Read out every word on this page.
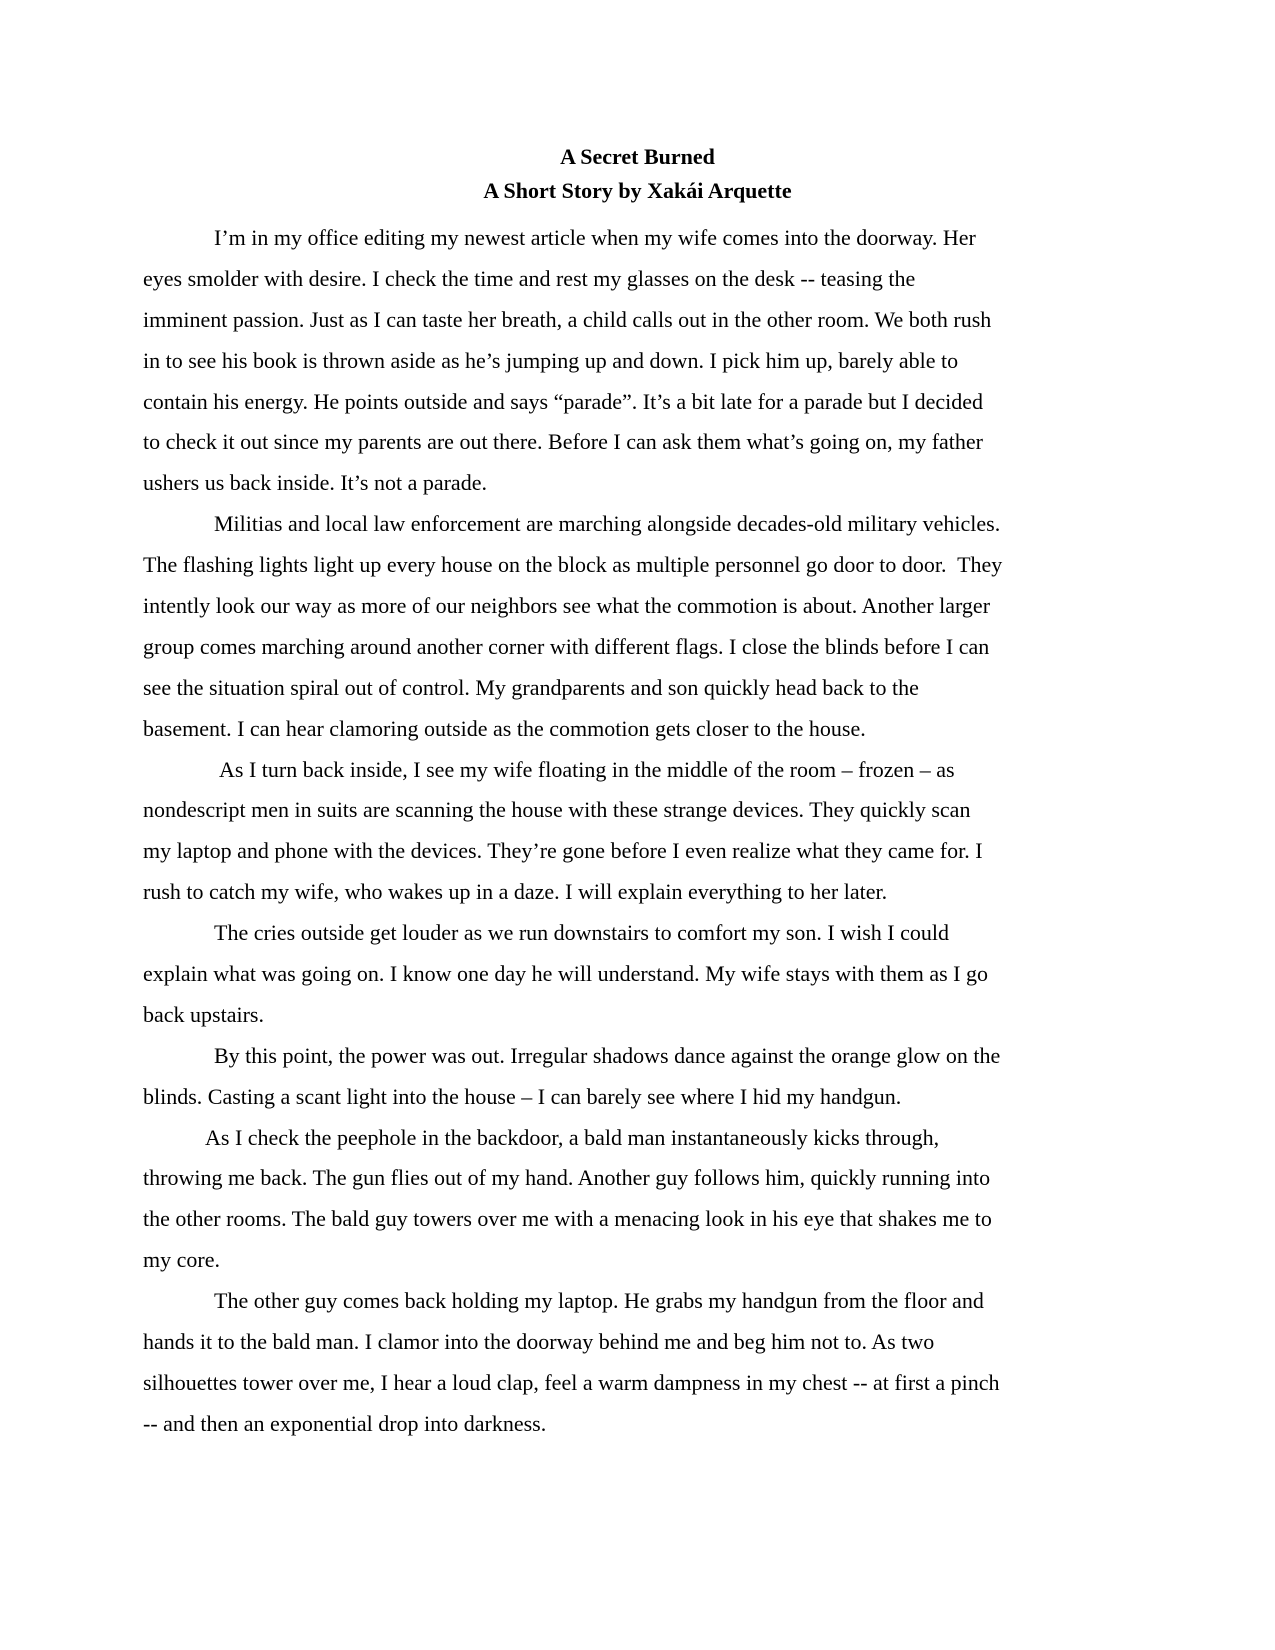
A Secret Burned
A Short Story by Xakái Arquette
I’m in my office editing my newest article when my wife comes into the doorway. Her
eyes smolder with desire. I check the time and rest my glasses on the desk -- teasing the
imminent passion. Just as I can taste her breath, a child calls out in the other room. We both rush
in to see his book is thrown aside as he’s jumping up and down. I pick him up, barely able to
contain his energy. He points outside and says “parade”. It’s a bit late for a parade but I decided
to check it out since my parents are out there. Before I can ask them what’s going on, my father
ushers us back inside. It’s not a parade.
Militias and local law enforcement are marching alongside decades-old military vehicles.
The flashing lights light up every house on the block as multiple personnel go door to door.  They
intently look our way as more of our neighbors see what the commotion is about. Another larger
group comes marching around another corner with different flags. I close the blinds before I can
see the situation spiral out of control. My grandparents and son quickly head back to the
basement. I can hear clamoring outside as the commotion gets closer to the house.
As I turn back inside, I see my wife floating in the middle of the room – frozen – as
nondescript men in suits are scanning the house with these strange devices. They quickly scan
my laptop and phone with the devices. They’re gone before I even realize what they came for. I
rush to catch my wife, who wakes up in a daze. I will explain everything to her later.
The cries outside get louder as we run downstairs to comfort my son. I wish I could
explain what was going on. I know one day he will understand. My wife stays with them as I go
back upstairs.
By this point, the power was out. Irregular shadows dance against the orange glow on the
blinds. Casting a scant light into the house – I can barely see where I hid my handgun.
As I check the peephole in the backdoor, a bald man instantaneously kicks through,
throwing me back. The gun flies out of my hand. Another guy follows him, quickly running into
the other rooms. The bald guy towers over me with a menacing look in his eye that shakes me to
my core.
The other guy comes back holding my laptop. He grabs my handgun from the floor and
hands it to the bald man. I clamor into the doorway behind me and beg him not to. As two
silhouettes tower over me, I hear a loud clap, feel a warm dampness in my chest -- at first a pinch
-- and then an exponential drop into darkness.
